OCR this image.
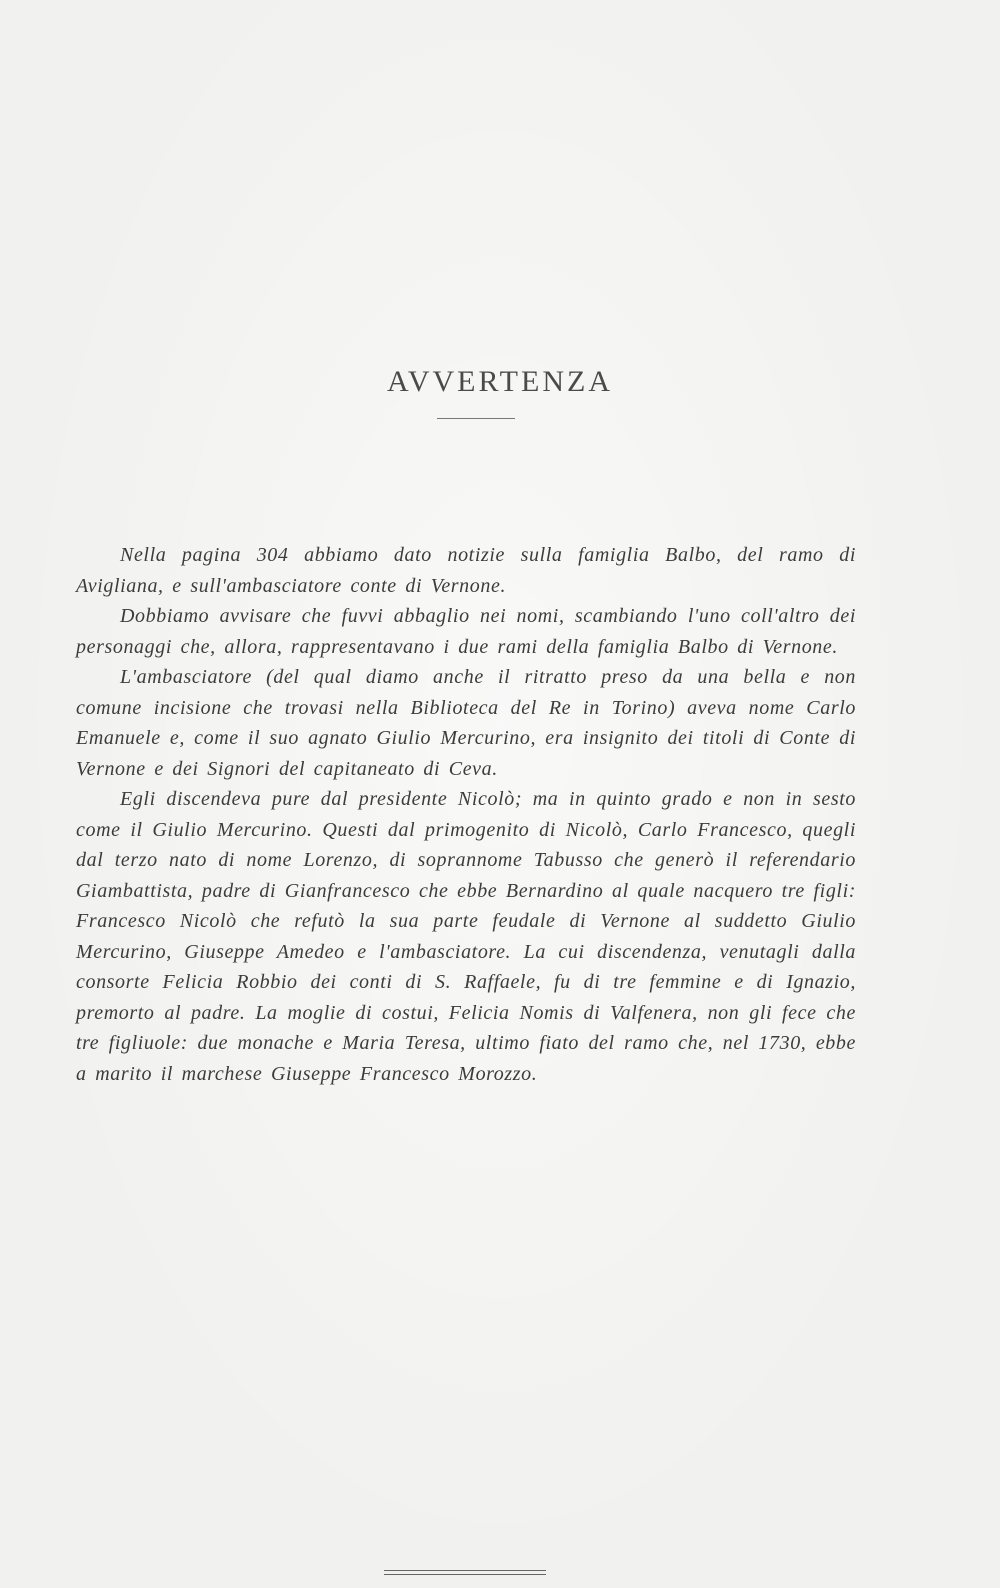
AVVERTENZA

Nella pagina 304 abbiamo dato notizie sulla famiglia Balbo, del ramo di Avigliana, e sull'ambasciatore conte di Vernone.

Dobbiamo avvisare che fuvvi abbaglio nei nomi, scambiando l'uno coll'altro dei personaggi che, allora, rappresentavano i due rami della famiglia Balbo di Vernone.

L'ambasciatore (del qual diamo anche il ritratto preso da una bella e non comune incisione che trovasi nella Biblioteca del Re in Torino) aveva nome Carlo Emanuele e, come il suo agnato Giulio Mercurino, era insignito dei titoli di Conte di Vernone e dei Signori del capitaneato di Ceva.

Egli discendeva pure dal presidente Nicolò; ma in quinto grado e non in sesto come il Giulio Mercurino. Questi dal primogenito di Nicolò, Carlo Francesco, quegli dal terzo nato di nome Lorenzo, di soprannome Tabusso che generò il referendario Giambattista, padre di Gianfrancesco che ebbe Bernardino al quale nacquero tre figli: Francesco Nicolò che refutò la sua parte feudale di Vernone al suddetto Giulio Mercurino, Giuseppe Amedeo e l'ambasciatore. La cui discendenza, venutagli dalla consorte Felicia Robbio dei conti di S. Raffaele, fu di tre femmine e di Ignazio, premorto al padre. La moglie di costui, Felicia Nomis di Valfenera, non gli fece che tre figliuole: due monache e Maria Teresa, ultimo fiato del ramo che, nel 1730, ebbe a marito il marchese Giuseppe Francesco Morozzo.
